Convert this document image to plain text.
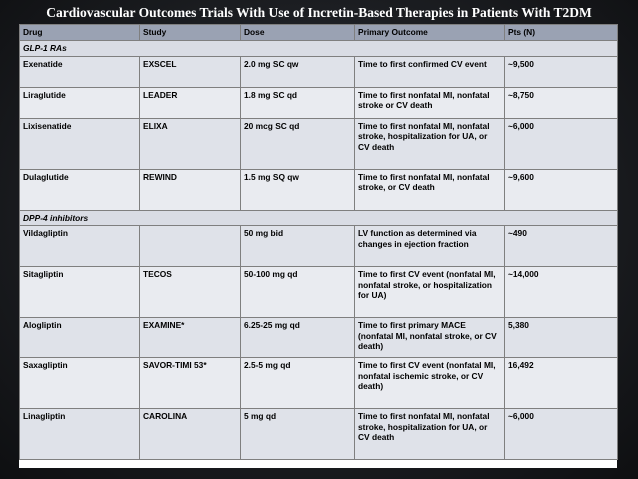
Cardiovascular Outcomes Trials With Use of Incretin-Based Therapies in Patients With T2DM
Drug	Study	Dose	Primary Outcome	Pts (N)
GLP-1 RAs				
Exenatide	EXSCEL	2.0 mg SC qw	Time to first confirmed CV event	~9,500
Liraglutide	LEADER	1.8 mg SC qd	Time to first nonfatal MI, nonfatal stroke or CV death	~8,750
Lixisenatide	ELIXA	20 mcg SC qd	Time to first nonfatal MI, nonfatal stroke, hospitalization for UA, or CV death	~6,000
Dulaglutide	REWIND	1.5 mg SQ qw	Time to first nonfatal MI, nonfatal stroke, or CV death	~9,600
DPP-4 inhibitors				
Vildagliptin		50 mg bid	LV function as determined via changes in ejection fraction	~490
Sitagliptin	TECOS	50-100 mg qd	Time to first CV event (nonfatal MI, nonfatal stroke, or hospitalization for UA)	~14,000
Alogliptin	EXAMINE*	6.25-25 mg qd	Time to first primary MACE (nonfatal MI, nonfatal stroke, or CV death)	5,380
Saxagliptin	SAVOR-TIMI 53*	2.5-5 mg qd	Time to first CV event (nonfatal MI, nonfatal ischemic stroke, or CV death)	16,492
Linagliptin	CAROLINA	5 mg qd	Time to first nonfatal MI, nonfatal stroke, hospitalization for UA, or CV death	~6,000
